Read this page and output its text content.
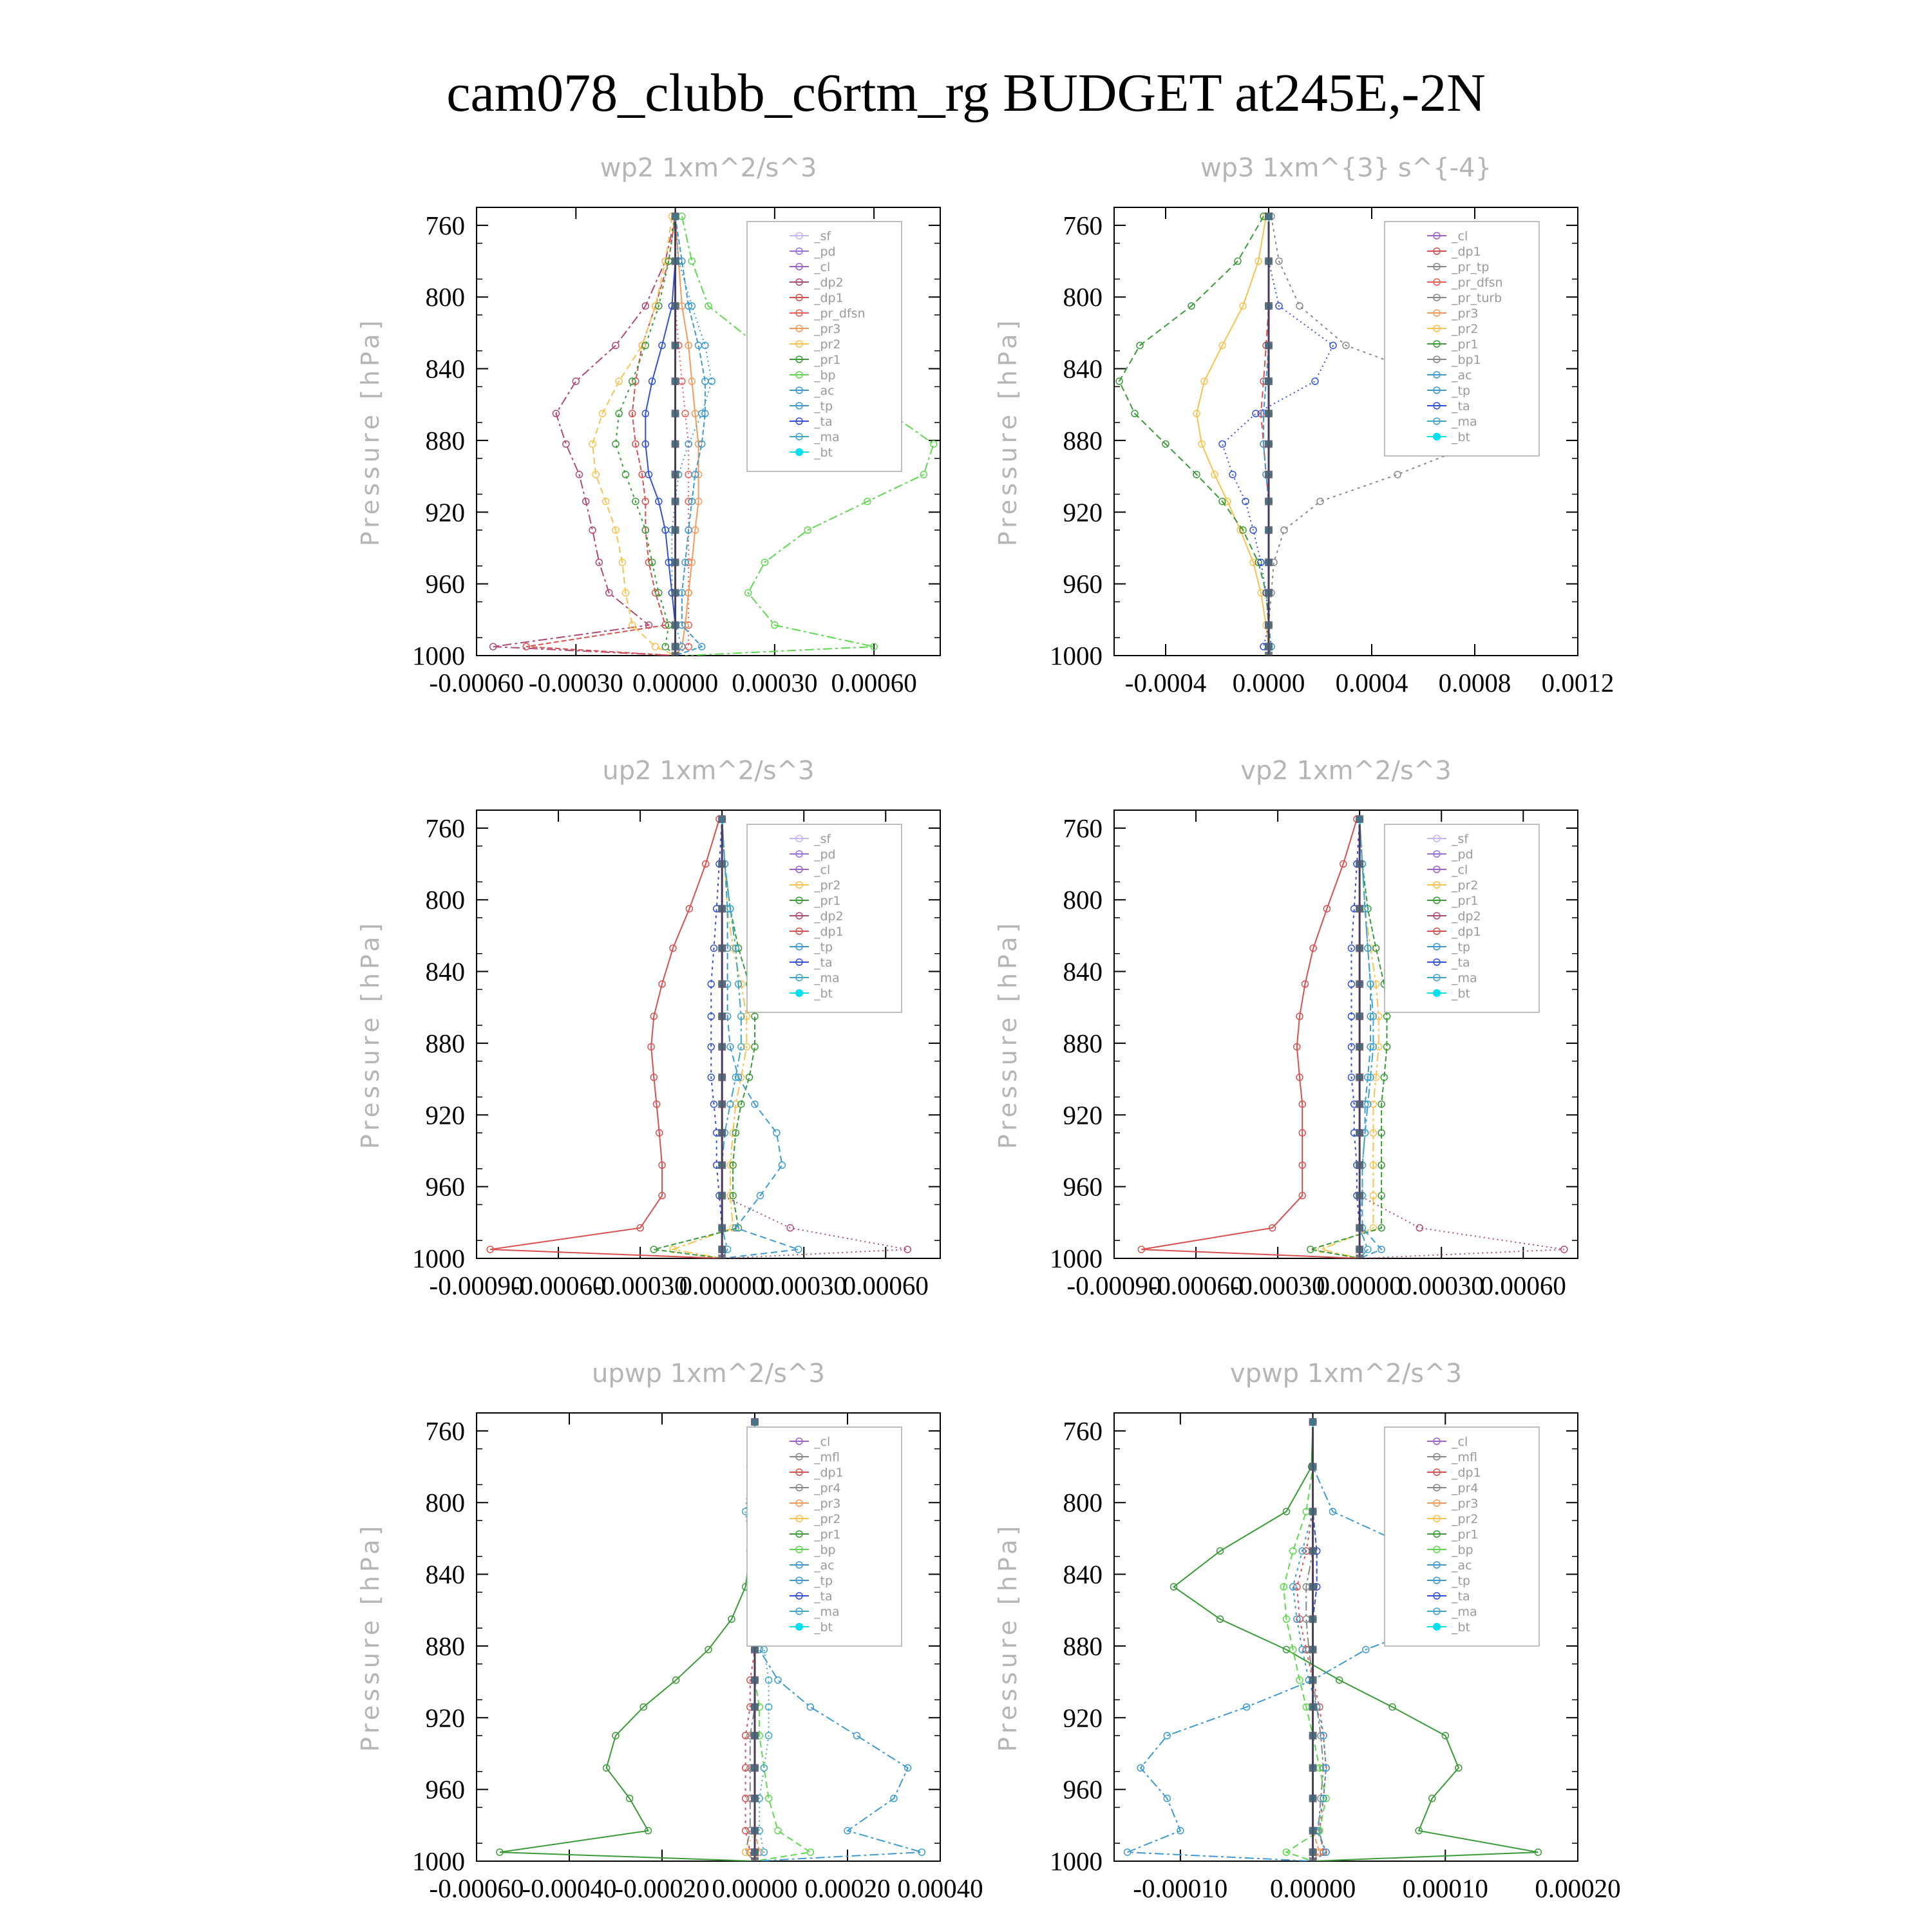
cam078_clubb_c6rtm_rg BUDGET at245E,-2N
wp2 1xm^2/s^3
Pressure [hPa]
760
800
840
880
920
960
1000
-0.00060 -0.00030 0.00000 0.00030 0.00060
_sf
_pd
_cl
_dp2
_dp1
_pr_dfsn
_pr3
_pr2
_pr1
_bp
_ac
_tp
_ta
_ma
_bt
wp3 1xm^{3} s^{-4}
Pressure [hPa]
760
800
840
880
920
960
1000
-0.0004 0.0000 0.0004 0.0008 0.0012
_cl
_dp1
_pr_tp
_pr_dfsn
_pr_turb
_pr3
_pr2
_pr1
_bp1
_ac
_tp
_ta
_ma
_bt
up2 1xm^2/s^3
Pressure [hPa]
760
800
840
880
920
960
1000
-0.00090
-0.00060
-0.00030
0.00000
0.00030
0.00060
_sf
_pd
_cl
_pr2
_pr1
_dp2
_dp1
_tp
_ta
_ma
_bt
vp2 1xm^2/s^3
Pressure [hPa]
760
800
840
880
920
960
1000
-0.00090
-0.00060
-0.00030
0.00000
0.00030
0.00060
_sf
_pd
_cl
_pr2
_pr1
_dp2
_dp1
_tp
_ta
_ma
_bt
upwp 1xm^2/s^3
Pressure [hPa]
760
800
840
880
920
960
1000
-0.00060
-0.00040
-0.00020 0.00000 0.00020 0.00040
_cl
_mfl
_dp1
_pr4
_pr3
_pr2
_pr1
_bp
_ac
_tp
_ta
_ma
_bt
vpwp 1xm^2/s^3
Pressure [hPa]
760
800
840
880
920
960
1000
-0.00010 0.00000 0.00010 0.00020
_cl
_mfl
_dp1
_pr4
_pr3
_pr2
_pr1
_bp
_ac
_tp
_ta
_ma
_bt
